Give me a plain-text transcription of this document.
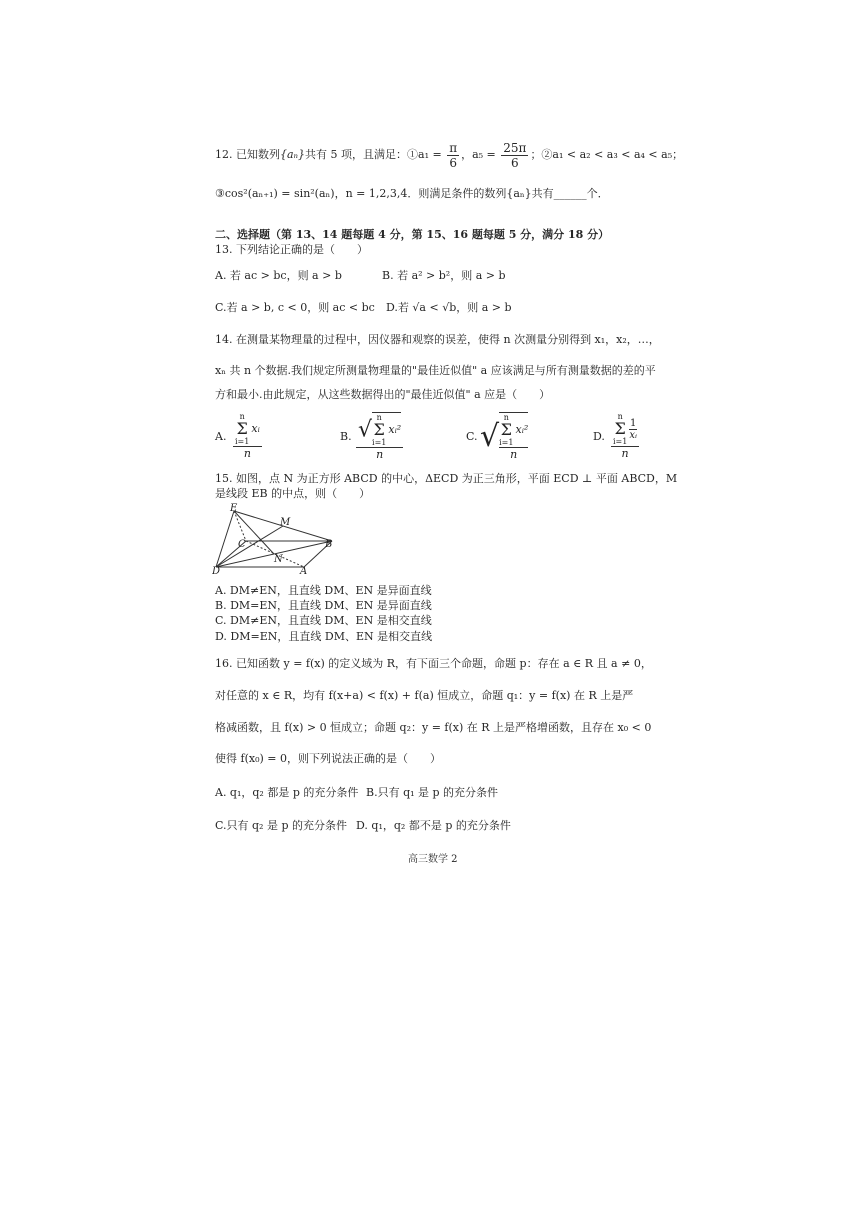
12. 已知数列{aₙ}共有 5 项，且满足：①a₁ = $\frac{\pi}{6}$ ，$a_5 = \frac{25\pi}{6}$ ；②a₁ < a₂ < a₃ < a₄ < a₅；
③cos²(aₙ₊₁) = sin²(aₙ)，n = 1,2,3,4．则满足条件的数列{aₙ}共有______个．
二、选择题（第 13、14 题每题 4 分，第 15、16 题每题 5 分，满分 18 分）
13. 下列结论正确的是（　　）
A. 若 ac > bc，则 a > b	B. 若 a² > b²，则 a > b
C.若 a > b, c < 0，则 ac < bc D.若 √a < √b，则 a > b
14. 在测量某物理量的过程中，因仪器和观察的误差，使得 n 次测量分别得到 x₁，x₂，…，
xₙ 共 n 个数据.我们规定所测量物理量的"最佳近似值" a 应该满足与所有测量数据的差的平
方和最小.由此规定，从这些数据得出的"最佳近似值" a 应是（　　）
A.
n
Σ
i=1xᵢ
n
B. √ n
Σ
i=1xᵢ²
n
C. √
n
Σ
i=1xᵢ²
n
D.
n
Σ
i=1
$\frac{1}{\text{xᵢ}}$
n
15. 如图，点 N 为正方形 ABCD 的中心，ΔECD 为正三角形，平面 ECD ⊥ 平面 ABCD，M
是线段 EB 的中点，则（　　）
E
M
C
N
B
D	A
A. DM≠EN，且直线 DM、EN 是异面直线
B. DM=EN，且直线 DM、EN 是异面直线
C. DM≠EN，且直线 DM、EN 是相交直线
D. DM=EN，且直线 DM、EN 是相交直线
16. 已知函数 y = f(x) 的定义域为 R，有下面三个命题，命题 p：存在 a ∈ R 且 a ≠ 0，
对任意的 x ∈ R，均有 f(x+a) < f(x) + f(a) 恒成立，命题 q₁：y = f(x) 在 R 上是严
格减函数，且 f(x) > 0 恒成立；命题 q₂：y = f(x) 在 R 上是严格增函数，且存在 x₀ < 0
使得 f(x₀) = 0，则下列说法正确的是（　　）
A. q₁，q₂ 都是 p 的充分条件 B.只有 q₁ 是 p 的充分条件
C.只有 q₂ 是 p 的充分条件 D. q₁，q₂ 都不是 p 的充分条件
高三数学 2
